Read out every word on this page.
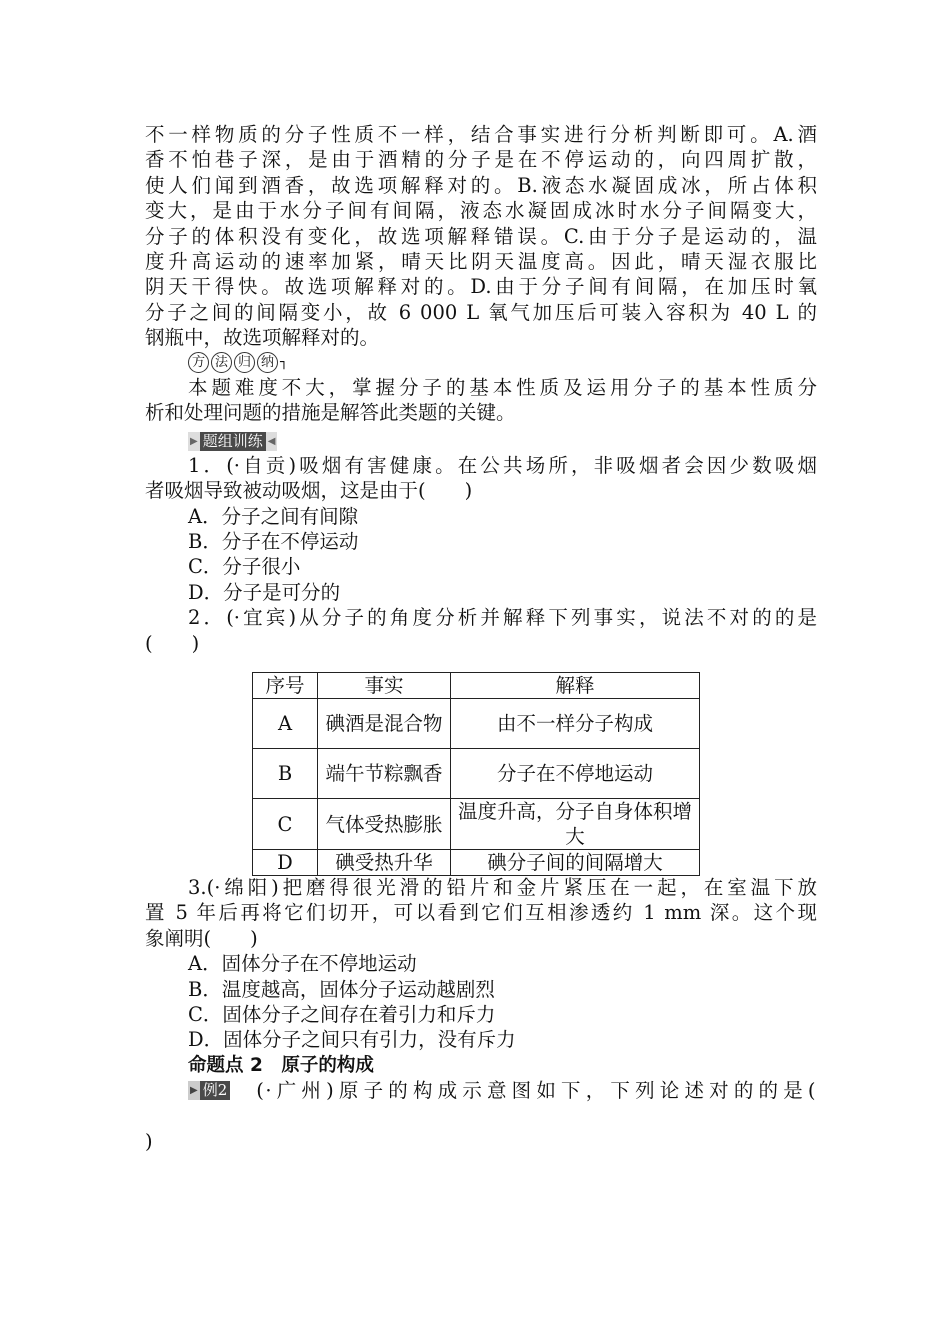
不一样物质的分子性质不一样，结合事实进行分析判断即可。A.酒
香不怕巷子深，是由于酒精的分子是在不停运动的，向四周扩散，
使人们闻到酒香，故选项解释对的。B.液态水凝固成冰，所占体积
变大，是由于水分子间有间隔，液态水凝固成冰时水分子间隔变大，
分子的体积没有变化，故选项解释错误。C.由于分子是运动的，温
度升高运动的速率加紧，晴天比阴天温度高。因此，晴天湿衣服比
阴天干得快。故选项解释对的。D.由于分子间有间隔，在加压时氧
分子之间的间隔变小，故 6 000 L 氧气加压后可装入容积为 40 L 的
钢瓶中，故选项解释对的。
方 法 归 纳 ┐
本题难度不大，掌握分子的基本性质及运用分子的基本性质分
析和处理问题的措施是解答此类题的关键。
▶ 题组训练 ◀
1．(·自贡)吸烟有害健康。在公共场所，非吸烟者会因少数吸烟
者吸烟导致被动吸烟，这是由于(　　)
A．分子之间有间隙
B．分子在不停运动
C．分子很小
D．分子是可分的
2．(·宜宾)从分子的角度分析并解释下列事实，说法不对的的是
(　　)
序号	事实	解释
A	碘酒是混合物	由不一样分子构成
B	端午节粽飘香	分子在不停地运动
C	气体受热膨胀	温度升高，分子自身体积增大
D	碘受热升华	碘分子间的间隔增大
3.(·绵阳)把磨得很光滑的铅片和金片紧压在一起，在室温下放
置 5 年后再将它们切开，可以看到它们互相渗透约 1 mm 深。这个现
象阐明(　　)
A．固体分子在不停地运动
B．温度越高，固体分子运动越剧烈
C．固体分子之间存在着引力和斥力
D．固体分子之间只有引力，没有斥力
命题点 2　原子的构成
▶ 例2 (·广州)原子的构成示意图如下，下列论述对的的是(
)
